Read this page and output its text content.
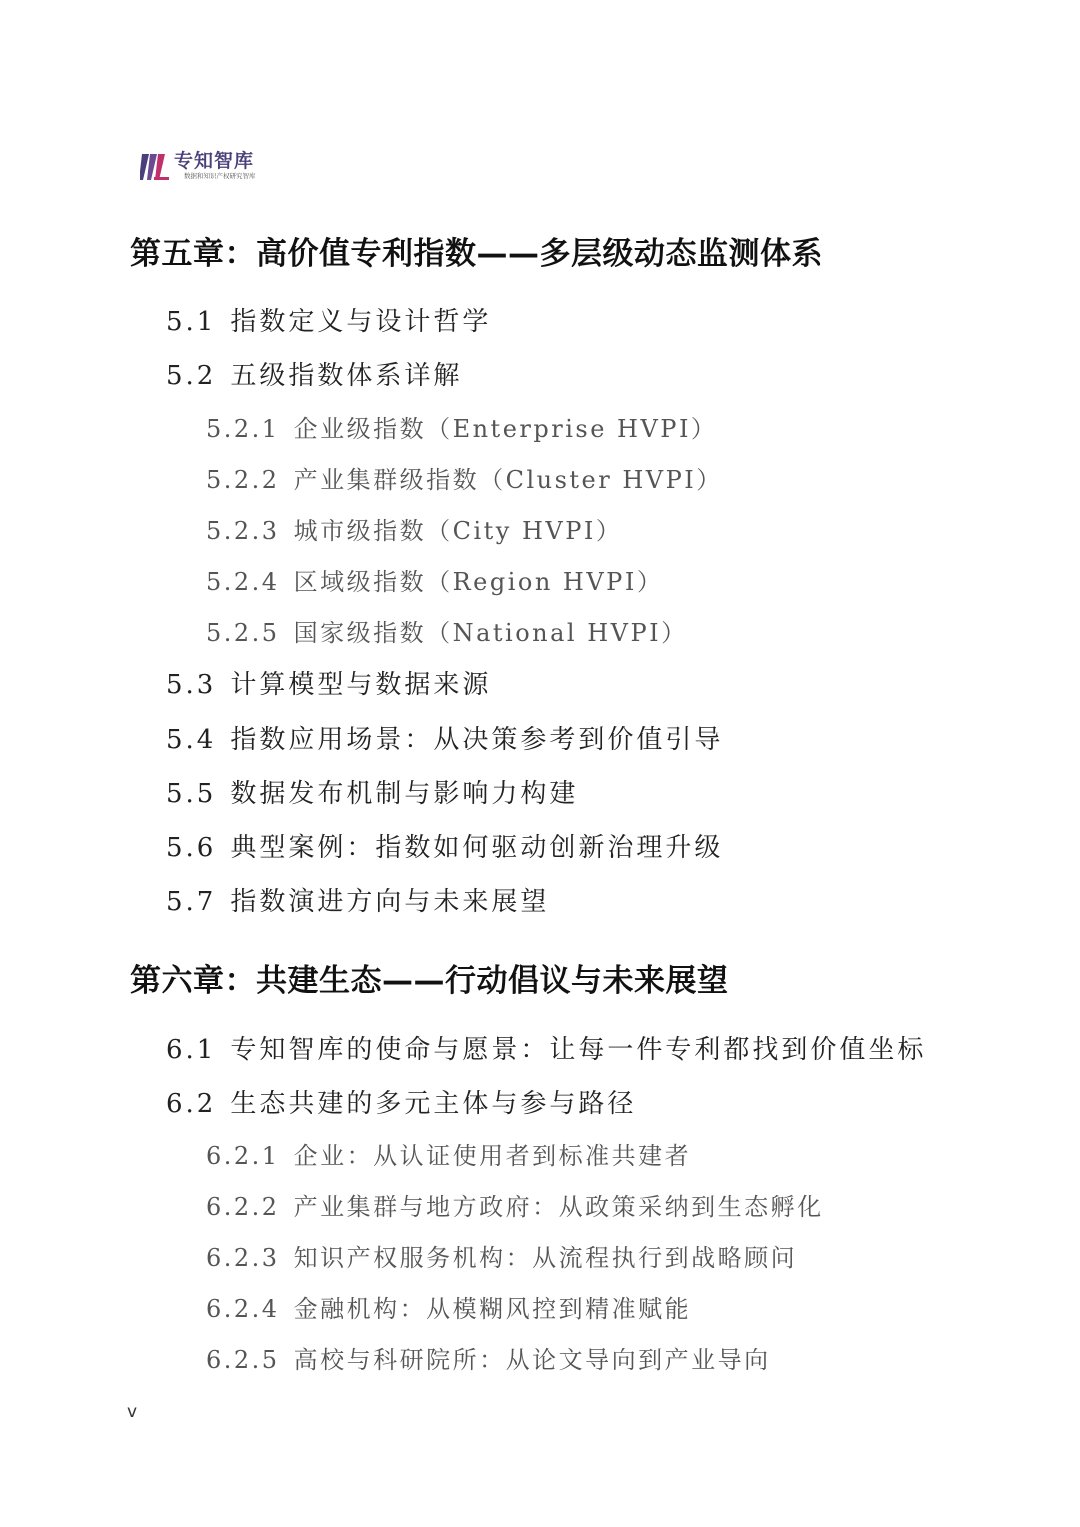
专知智库
数据和知识产权研究智库
第五章：高价值专利指数——多层级动态监测体系
5.1 指数定义与设计哲学
5.2 五级指数体系详解
5.2.1 企业级指数（Enterprise HVPI）
5.2.2 产业集群级指数（Cluster HVPI）
5.2.3 城市级指数（City HVPI）
5.2.4 区域级指数（Region HVPI）
5.2.5 国家级指数（National HVPI）
5.3 计算模型与数据来源
5.4 指数应用场景：从决策参考到价值引导
5.5 数据发布机制与影响力构建
5.6 典型案例：指数如何驱动创新治理升级
5.7 指数演进方向与未来展望
第六章：共建生态——行动倡议与未来展望
6.1 专知智库的使命与愿景：让每一件专利都找到价值坐标
6.2 生态共建的多元主体与参与路径
6.2.1 企业：从认证使用者到标准共建者
6.2.2 产业集群与地方政府：从政策采纳到生态孵化
6.2.3 知识产权服务机构：从流程执行到战略顾问
6.2.4 金融机构：从模糊风控到精准赋能
6.2.5 高校与科研院所：从论文导向到产业导向
v
